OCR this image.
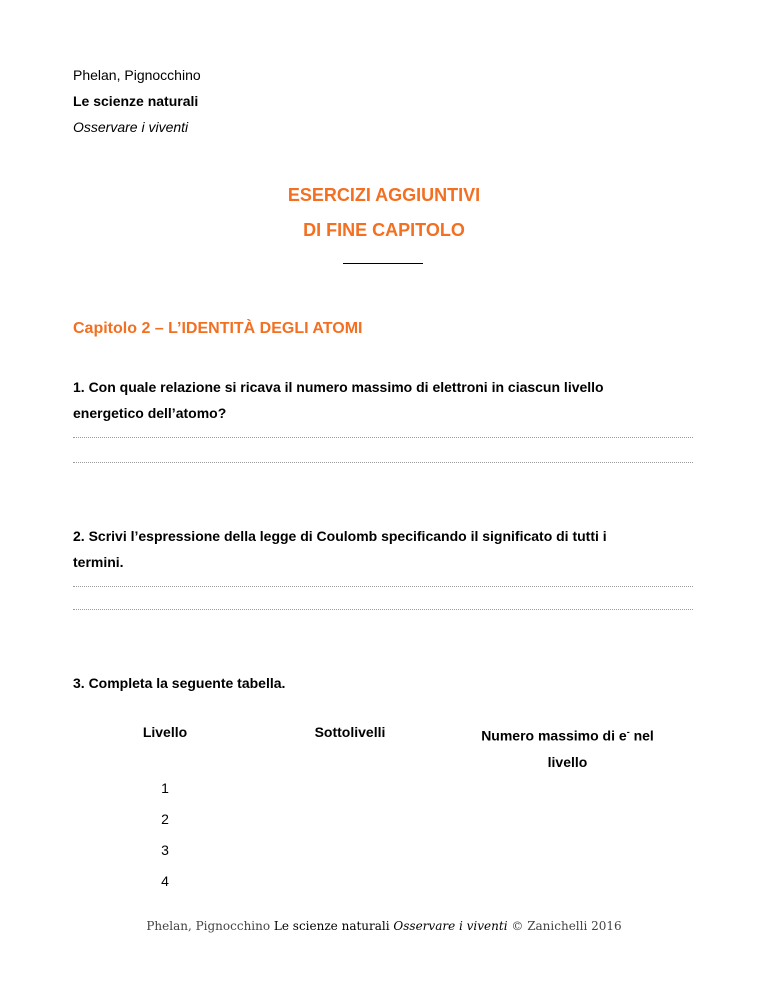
Phelan, Pignocchino
Le scienze naturali
Osservare i viventi
ESERCIZI AGGIUNTIVI
DI FINE CAPITOLO
Capitolo 2 – L’IDENTITÀ DEGLI ATOMI
1. Con quale relazione si ricava il numero massimo di elettroni in ciascun livello
energetico dell’atomo?
2. Scrivi l’espressione della legge di Coulomb specificando il significato di tutti i
termini.
3. Completa la seguente tabella.
Livello	Sottolivelli	Numero massimo di e- nel
livello
1
2
3
4
Phelan, Pignocchino Le scienze naturali Osservare i viventi © Zanichelli 2016
